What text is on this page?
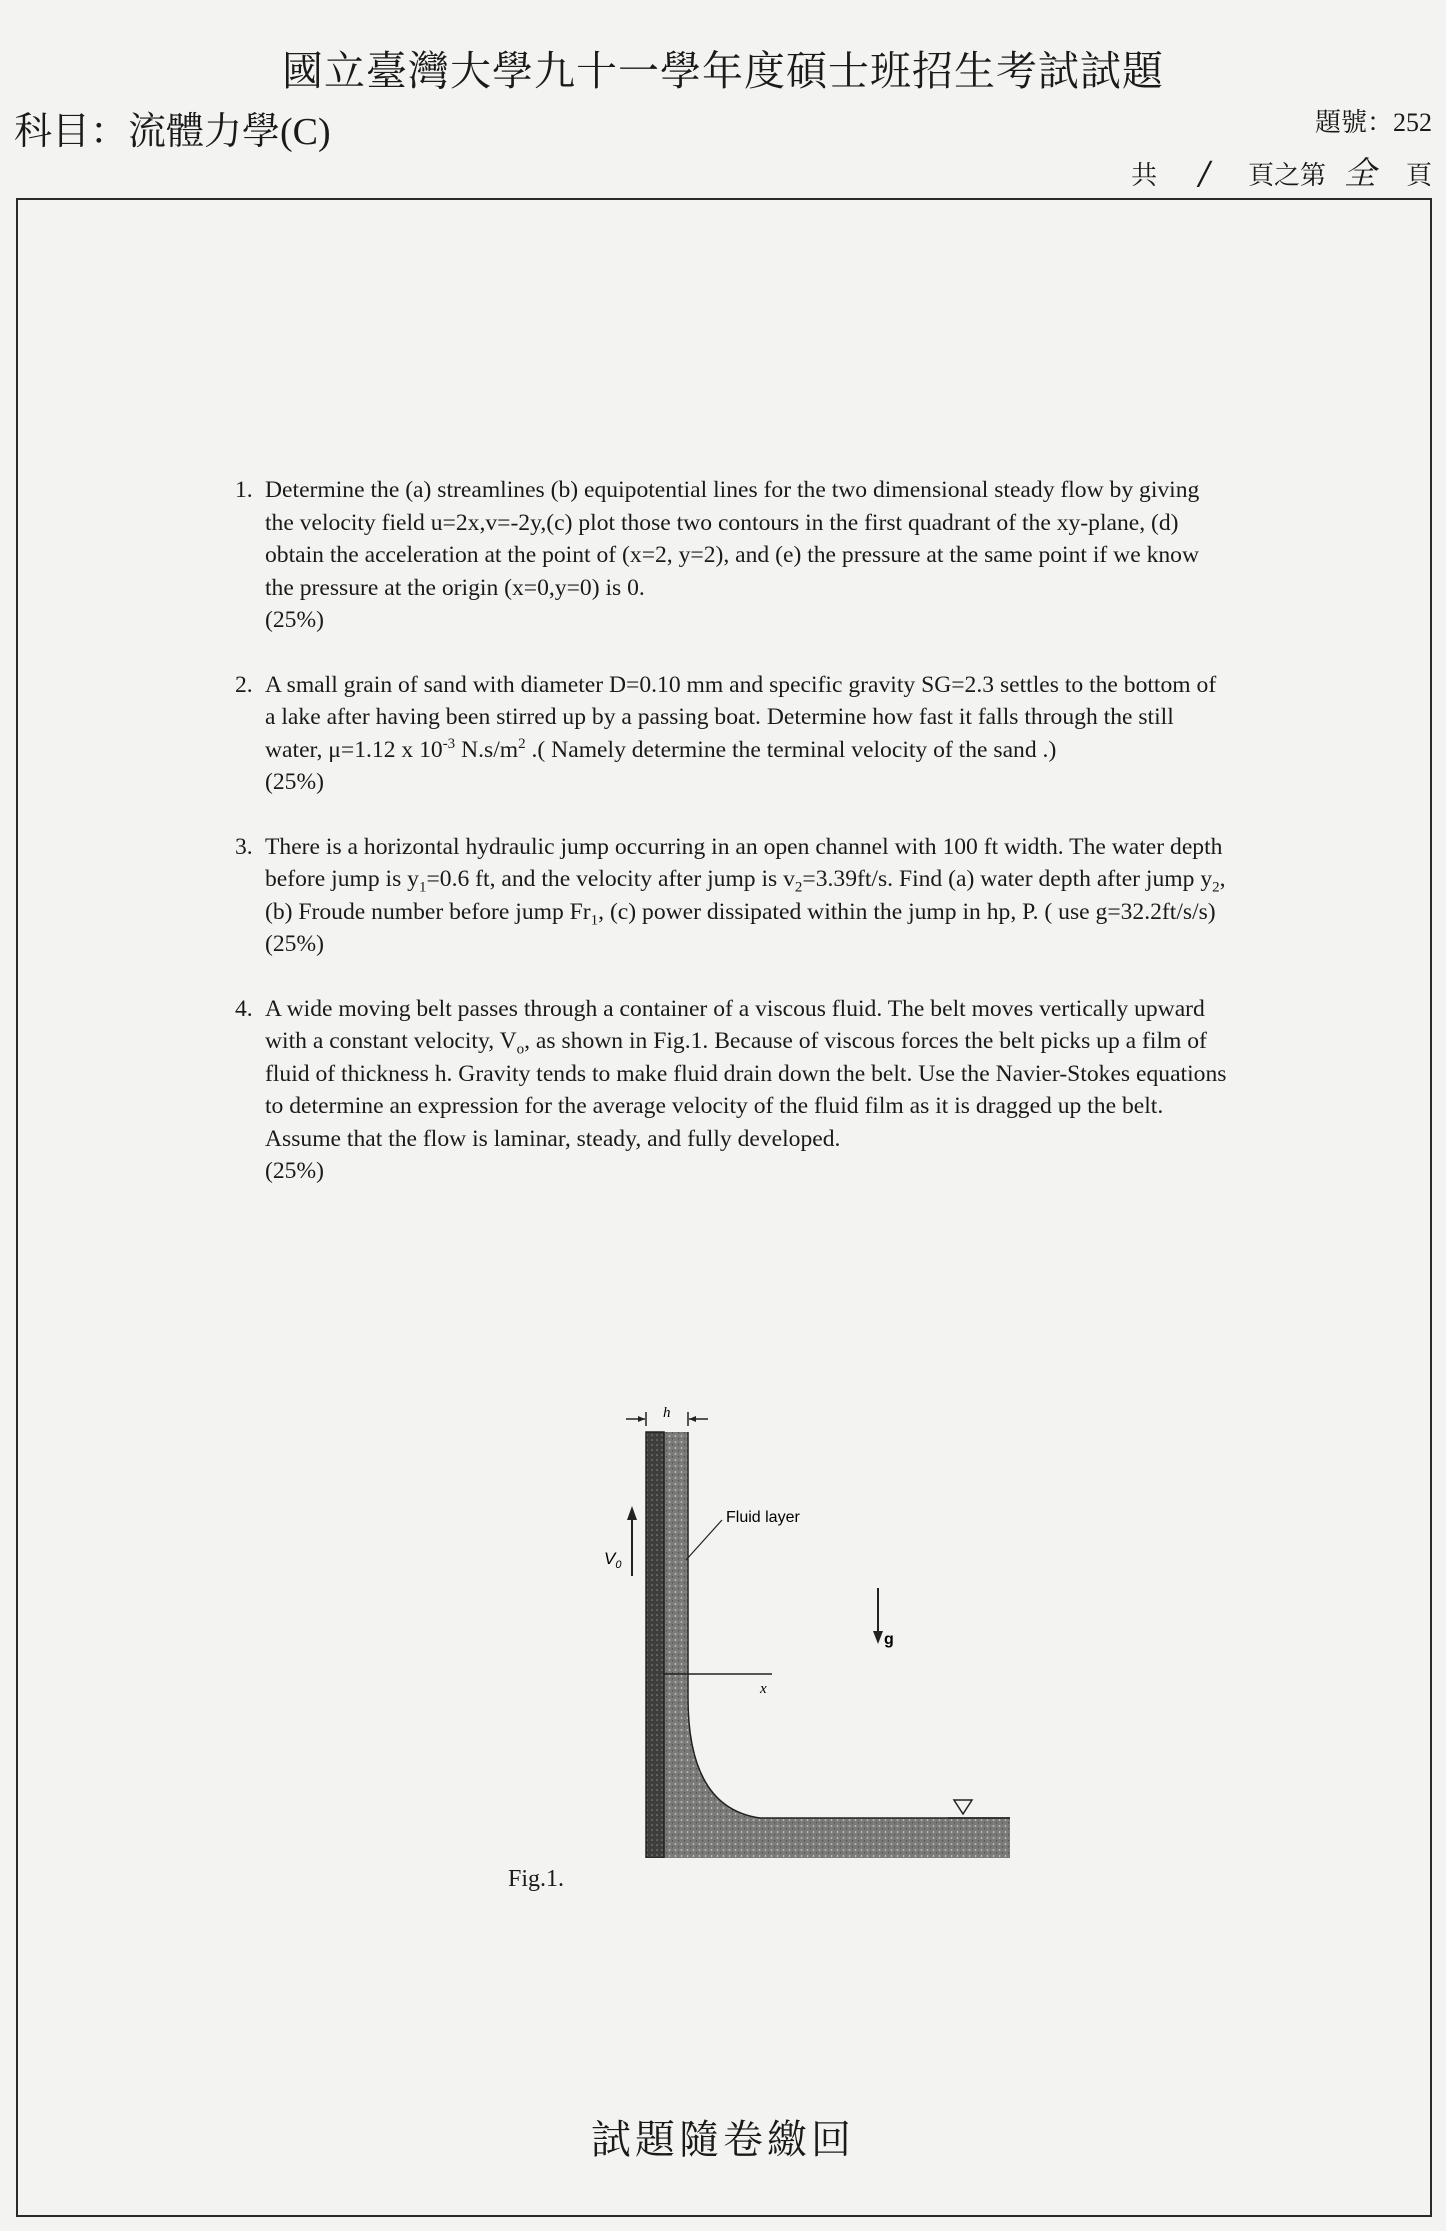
國立臺灣大學九十一學年度碩士班招生考試試題
科目：流體力學(C)	題號：252
共 / 頁之第 全 頁
1. Determine the (a) streamlines (b) equipotential lines for the two dimensional steady flow by giving the velocity field u=2x,v=-2y,(c) plot those two contours in the first quadrant of the xy-plane, (d) obtain the acceleration at the point of (x=2, y=2), and (e) the pressure at the same point if we know the pressure at the origin (x=0,y=0) is 0.

(25%)

2. A small grain of sand with diameter D=0.10 mm and specific gravity SG=2.3 settles to the bottom of a lake after having been stirred up by a passing boat. Determine how fast it falls through the still water, μ=1.12 x $10^{-3}$ $N.s/m^2$ .( Namely determine the terminal velocity of the sand .)

(25%)

3. There is a horizontal hydraulic jump occurring in an open channel with 100 ft width. The water depth before jump is $y_1=0.6$ ft, and the velocity after jump is $v_2=3.39ft/s$. Find (a) water depth after jump $y_2$, (b) Froude number before jump $Fr_1$, (c) power dissipated within the jump in hp, P. ( use g=32.2ft/s/s)

(25%)

4. A wide moving belt passes through a container of a viscous fluid. The belt moves vertically upward with a constant velocity, $V_o$, as shown in Fig.1. Because of viscous forces the belt picks up a film of fluid of thickness h. Gravity tends to make fluid drain down the belt. Use the Navier-Stokes equations to determine an expression for the average velocity of the fluid film as it is dragged up the belt. Assume that the flow is laminar, steady, and fully developed.

(25%)

h
$V_0$
Fluid layer
g
x
Fig.1.
試題隨卷繳回
